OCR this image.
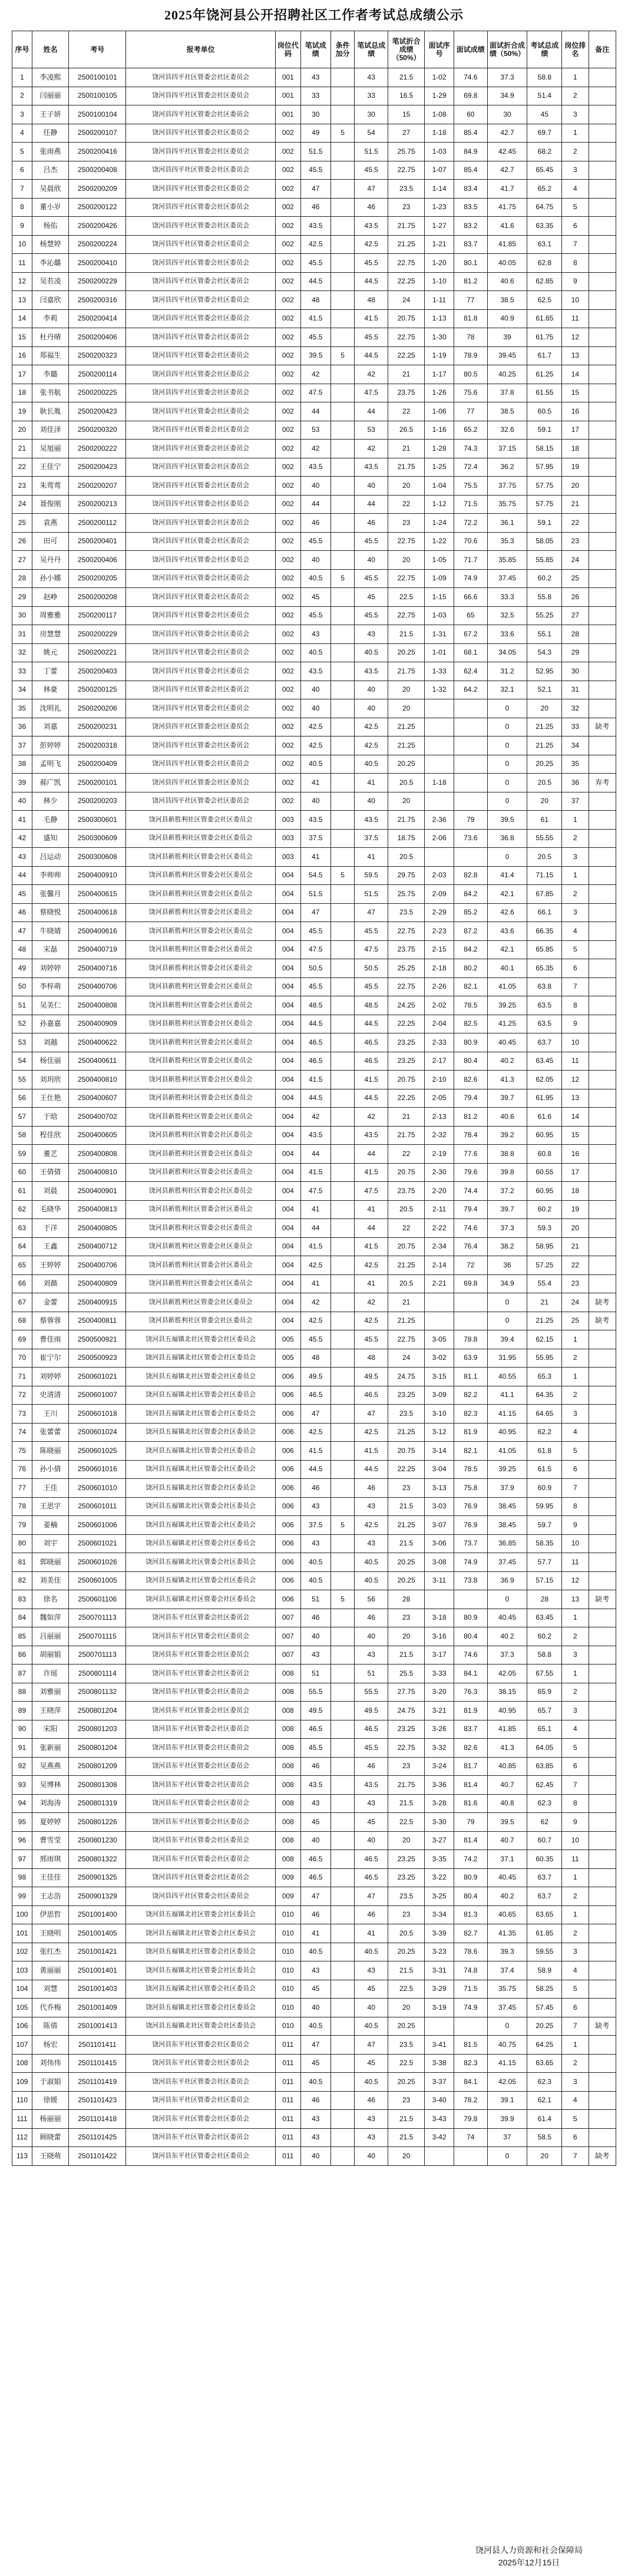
2025年饶河县公开招聘社区工作者考试总成绩公示
序号	姓名	考号	报考单位	岗位代码	笔试成绩	条件加分	笔试总成绩	笔试折合成绩（50%）	面试序号	面试成绩	面试折合成绩（50%）	考试总成绩	岗位排名	备注
1	李凌熙	2500100101	饶河县四平社区管委会社区委员会	001	43		43	21.5	1-02	74.6	37.3	58.8	1	
2	闫丽丽	2500100105	饶河县四平社区管委会社区委员会	001	33		33	16.5	1-29	69.8	34.9	51.4	2	
3	王子妍	2500100104	饶河县四平社区管委会社区委员会	001	30		30	15	1-08	60	30	45	3	
4	任静	2500200107	饶河县四平社区管委会社区委员会	002	49	5	54	27	1-18	85.4	42.7	69.7	1	
5	张雨燕	2500200416	饶河县四平社区管委会社区委员会	002	51.5		51.5	25.75	1-03	84.9	42.45	68.2	2	
6	吕杰	2500200408	饶河县四平社区管委会社区委员会	002	45.5		45.5	22.75	1-07	85.4	42.7	65.45	3	
7	吴晨欣	2500200209	饶河县四平社区管委会社区委员会	002	47		47	23.5	1-14	83.4	41.7	65.2	4	
8	董小岁	2500200122	饶河县四平社区管委会社区委员会	002	46		46	23	1-23	83.5	41.75	64.75	5	
9	杨佑	2500200426	饶河县四平社区管委会社区委员会	002	43.5		43.5	21.75	1-27	83.2	41.6	63.35	6	
10	杨慧婷	2500200224	饶河县四平社区管委会社区委员会	002	42.5		42.5	21.25	1-21	83.7	41.85	63.1	7	
11	李沁璐	2500200410	饶河县四平社区管委会社区委员会	002	45.5		45.5	22.75	1-20	80.1	40.05	62.8	8	
12	吴若凌	2500200229	饶河县四平社区管委会社区委员会	002	44.5		44.5	22.25	1-10	81.2	40.6	62.85	9	
13	闫嘉欣	2500200316	饶河县四平社区管委会社区委员会	002	48		48	24	1-11	77	38.5	62.5	10	
14	李莉	2500200414	饶河县四平社区管委会社区委员会	002	41.5		41.5	20.75	1-13	81.8	40.9	61.65	11	
15	杜丹晴	2500200406	饶河县四平社区管委会社区委员会	002	45.5		45.5	22.75	1-30	78	39	61.75	12	
16	郑福生	2500200323	饶河县四平社区管委会社区委员会	002	39.5	5	44.5	22.25	1-19	78.9	39.45	61.7	13	
17	李璐	2500200114	饶河县四平社区管委会社区委员会	002	42		42	21	1-17	80.5	40.25	61.25	14	
18	张书航	2500200225	饶河县四平社区管委会社区委员会	002	47.5		47.5	23.75	1-26	75.6	37.8	61.55	15	
19	耿长胤	2500200423	饶河县四平社区管委会社区委员会	002	44		44	22	1-06	77	38.5	60.5	16	
20	刘佳泽	2500200320	饶河县四平社区管委会社区委员会	002	53		53	26.5	1-16	65.2	32.6	59.1	17	
21	吴旭丽	2500200222	饶河县四平社区管委会社区委员会	002	42		42	21	1-28	74.3	37.15	58.15	18	
22	王佳宁	2500200423	饶河县四平社区管委会社区委员会	002	43.5		43.5	21.75	1-25	72.4	36.2	57.95	19	
23	朱莺莺	2500200207	饶河县四平社区管委会社区委员会	002	40		40	20	1-04	75.5	37.75	57.75	20	
24	聂俊刚	2500200213	饶河县四平社区管委会社区委员会	002	44		44	22	1-12	71.5	35.75	57.75	21	
25	袁燕	2500200112	饶河县四平社区管委会社区委员会	002	46		46	23	1-24	72.2	36.1	59.1	22	
26	田可	2500200401	饶河县四平社区管委会社区委员会	002	45.5		45.5	22.75	1-22	70.6	35.3	58.05	23	
27	吴丹丹	2500200406	饶河县四平社区管委会社区委员会	002	40		40	20	1-05	71.7	35.85	55.85	24	
28	孙小娜	2500200205	饶河县四平社区管委会社区委员会	002	40.5	5	45.5	22.75	1-09	74.9	37.45	60.2	25	
29	赵峥	2500200208	饶河县四平社区管委会社区委员会	002	45		45	22.5	1-15	66.6	33.3	55.8	26	
30	周雅雅	2500200117	饶河县四平社区管委会社区委员会	002	45.5		45.5	22.75	1-03	65	32.5	55.25	27	
31	房慧慧	2500200229	饶河县四平社区管委会社区委员会	002	43		43	21.5	1-31	67.2	33.6	55.1	28	
32	姚元	2500200221	饶河县四平社区管委会社区委员会	002	40.5		40.5	20.25	1-01	68.1	34.05	54.3	29	
33	丁蕾	2500200403	饶河县四平社区管委会社区委员会	002	43.5		43.5	21.75	1-33	62.4	31.2	52.95	30	
34	林豪	2500200125	饶河县四平社区管委会社区委员会	002	40		40	20	1-32	64.2	32.1	52.1	31	
35	沈明礼	2500200206	饶河县四平社区管委会社区委员会	002	40		40	20			0	20	32	
36	刘嘉	2500200231	饶河县四平社区管委会社区委员会	002	42.5		42.5	21.25			0	21.25	33	缺考
37	彭婷婷	2500200318	饶河县四平社区管委会社区委员会	002	42.5		42.5	21.25			0	21.25	34	
38	孟明飞	2500200409	饶河县四平社区管委会社区委员会	002	40.5		40.5	20.25			0	20.25	35	
39	郝广凯	2500200101	饶河县四平社区管委会社区委员会	002	41		41	20.5	1-18		0	20.5	36	弃考
40	林少	2500200203	饶河县四平社区管委会社区委员会	002	40		40	20			0	20	37	
41	毛静	2500300601	饶河县新胜利社区管委会社区委员会	003	43.5		43.5	21.75	2-36	79	39.5	61	1	
42	盛知	2500300609	饶河县新胜利社区管委会社区委员会	003	37.5		37.5	18.75	2-06	73.6	36.8	55.55	2	
43	吕运动	2500300608	饶河县新胜利社区管委会社区委员会	003	41		41	20.5			0	20.5	3	
44	李帅帅	2500400910	饶河县新胜利社区管委会社区委员会	004	54.5	5	59.5	29.75	2-03	82.8	41.4	71.15	1	
45	张馨月	2500400615	饶河县新胜利社区管委会社区委员会	004	51.5		51.5	25.75	2-09	84.2	42.1	67.85	2	
46	蔡晓悦	2500400618	饶河县新胜利社区管委会社区委员会	004	47		47	23.5	2-29	85.2	42.6	66.1	3	
47	牛晓婧	2500400616	饶河县新胜利社区管委会社区委员会	004	45.5		45.5	22.75	2-23	87.2	43.6	66.35	4	
48	宋磊	2500400719	饶河县新胜利社区管委会社区委员会	004	47.5		47.5	23.75	2-15	84.2	42.1	65.85	5	
49	刘婷婷	2500400716	饶河县新胜利社区管委会社区委员会	004	50.5		50.5	25.25	2-18	80.2	40.1	65.35	6	
50	李梓萌	2500400706	饶河县新胜利社区管委会社区委员会	004	45.5		45.5	22.75	2-26	82.1	41.05	63.8	7	
51	吴美仁	2500400808	饶河县新胜利社区管委会社区委员会	004	48.5		48.5	24.25	2-02	78.5	39.25	63.5	8	
52	孙嘉嘉	2500400909	饶河县新胜利社区管委会社区委员会	004	44.5		44.5	22.25	2-04	82.5	41.25	63.5	9	
53	刘越	2500400622	饶河县新胜利社区管委会社区委员会	004	46.5		46.5	23.25	2-33	80.9	40.45	63.7	10	
54	杨佳丽	2500400611	饶河县新胜利社区管委会社区委员会	004	46.5		46.5	23.25	2-17	80.4	40.2	63.45	11	
55	刘玥欣	2500400810	饶河县新胜利社区管委会社区委员会	004	41.5		41.5	20.75	2-10	82.6	41.3	62.05	12	
56	王仕艳	2500400607	饶河县新胜利社区管委会社区委员会	004	44.5		44.5	22.25	2-05	79.4	39.7	61.95	13	
57	于晗	2500400702	饶河县新胜利社区管委会社区委员会	004	42		42	21	2-13	81.2	40.6	61.6	14	
58	程佳欣	2500400605	饶河县新胜利社区管委会社区委员会	004	43.5		43.5	21.75	2-32	78.4	39.2	60.95	15	
59	董艺	2500400808	饶河县新胜利社区管委会社区委员会	004	44		44	22	2-19	77.6	38.8	60.8	16	
60	王倩倩	2500400810	饶河县新胜利社区管委会社区委员会	004	41.5		41.5	20.75	2-30	79.6	39.8	60.55	17	
61	刘晨	2500400901	饶河县新胜利社区管委会社区委员会	004	47.5		47.5	23.75	2-20	74.4	37.2	60.95	18	
62	毛晓华	2500400813	饶河县新胜利社区管委会社区委员会	004	41		41	20.5	2-11	79.4	39.7	60.2	19	
63	于洋	2500400805	饶河县新胜利社区管委会社区委员会	004	44		44	22	2-22	74.6	37.3	59.3	20	
64	王鑫	2500400712	饶河县新胜利社区管委会社区委员会	004	41.5		41.5	20.75	2-34	76.4	38.2	58.95	21	
65	王婷婷	2500400706	饶河县新胜利社区管委会社区委员会	004	42.5		42.5	21.25	2-14	72	36	57.25	22	
66	刘薇	2500400809	饶河县新胜利社区管委会社区委员会	004	41		41	20.5	2-21	69.8	34.9	55.4	23	
67	金蕾	2500400915	饶河县新胜利社区管委会社区委员会	004	42		42	21			0	21	24	缺考
68	蔡蓉蓉	2500400811	饶河县新胜利社区管委会社区委员会	004	42.5		42.5	21.25			0	21.25	25	缺考
69	曹佳雨	2500500921	饶河县五福镇北社区管委会社区委员会	005	45.5		45.5	22.75	3-05	78.8	39.4	62.15	1	
70	崔宁尔	2500500923	饶河县五福镇北社区管委会社区委员会	005	48		48	24	3-02	63.9	31.95	55.95	2	
71	刘婷婷	2500601021	饶河县五福镇北社区管委会社区委员会	006	49.5		49.5	24.75	3-15	81.1	40.55	65.3	1	
72	史清清	2500601007	饶河县五福镇北社区管委会社区委员会	006	46.5		46.5	23.25	3-09	82.2	41.1	64.35	2	
73	王川	2500601018	饶河县五福镇北社区管委会社区委员会	006	47		47	23.5	3-10	82.3	41.15	64.65	3	
74	张蕾蕾	2500601024	饶河县五福镇北社区管委会社区委员会	006	42.5		42.5	21.25	3-12	81.9	40.95	62.2	4	
75	陈晓丽	2500601025	饶河县五福镇北社区管委会社区委员会	006	41.5		41.5	20.75	3-14	82.1	41.05	61.8	5	
76	孙小倩	2500601016	饶河县五福镇北社区管委会社区委员会	006	44.5		44.5	22.25	3-04	78.5	39.25	61.5	6	
77	王佳	2500601010	饶河县五福镇北社区管委会社区委员会	006	46		46	23	3-13	75.8	37.9	60.9	7	
78	王思宇	2500601011	饶河县五福镇北社区管委会社区委员会	006	43		43	21.5	3-03	76.9	38.45	59.95	8	
79	姜楠	2500601006	饶河县五福镇北社区管委会社区委员会	006	37.5	5	42.5	21.25	3-07	76.9	38.45	59.7	9	
80	刘宇	2500601021	饶河县五福镇北社区管委会社区委员会	006	43		43	21.5	3-06	73.7	36.85	58.35	10	
81	郭晓丽	2500601026	饶河县五福镇北社区管委会社区委员会	006	40.5		40.5	20.25	3-08	74.9	37.45	57.7	11	
82	刘美佳	2500601005	饶河县五福镇北社区管委会社区委员会	006	40.5		40.5	20.25	3-11	73.8	36.9	57.15	12	
83	徐名	2500601106	饶河县五福镇北社区管委会社区委员会	006	51	5	56	28			0	28	13	缺考
84	魏如萍	2500701113	饶河县东平社区管委会社区委员会	007	46		46	23	3-18	80.9	40.45	63.45	1	
85	吕丽丽	2500701115	饶河县东平社区管委会社区委员会	007	40		40	20	3-16	80.4	40.2	60.2	2	
86	胡丽娟	2500701113	饶河县东平社区管委会社区委员会	007	43		43	21.5	3-17	74.6	37.3	58.8	3	
87	许瑶	2500801114	饶河县东平社区管委会社区委员会	008	51		51	25.5	3-33	84.1	42.05	67.55	1	
88	刘雅丽	2500801132	饶河县东平社区管委会社区委员会	008	55.5		55.5	27.75	3-20	76.3	38.15	65.9	2	
89	王晓萍	2500801204	饶河县东平社区管委会社区委员会	008	49.5		49.5	24.75	3-21	81.9	40.95	65.7	3	
90	宋阳	2500801203	饶河县东平社区管委会社区委员会	008	46.5		46.5	23.25	3-26	83.7	41.85	65.1	4	
91	张新丽	2500801204	饶河县东平社区管委会社区委员会	008	45.5		45.5	22.75	3-32	82.6	41.3	64.05	5	
92	吴燕燕	2500801209	饶河县东平社区管委会社区委员会	008	46		46	23	3-24	81.7	40.85	63.85	6	
93	吴博林	2500801308	饶河县东平社区管委会社区委员会	008	43.5		43.5	21.75	3-36	81.4	40.7	62.45	7	
94	刘海涛	2500801319	饶河县东平社区管委会社区委员会	008	43		43	21.5	3-28	81.6	40.8	62.3	8	
95	夏婷婷	2500801226	饶河县东平社区管委会社区委员会	008	45		45	22.5	3-30	79	39.5	62	9	
96	曹雪莹	2500801230	饶河县东平社区管委会社区委员会	008	40		40	20	3-27	81.4	40.7	60.7	10	
97	邢雨琪	2500801322	饶河县东平社区管委会社区委员会	008	46.5		46.5	23.25	3-35	74.2	37.1	60.35	11	
98	王佳佳	2500901325	饶河县四平社区管委会社区委员会	009	46.5		46.5	23.25	3-22	80.9	40.45	63.7	1	
99	王志浩	2500901329	饶河县四平社区管委会社区委员会	009	47		47	23.5	3-25	80.4	40.2	63.7	2	
100	伊思哲	2501001400	饶河县五福镇北社区管委会社区委员会	010	46		46	23	3-34	81.3	40.65	63.65	1	
101	王晓明	2501001405	饶河县五福镇北社区管委会社区委员会	010	41		41	20.5	3-39	82.7	41.35	61.85	2	
102	张红杰	2501001421	饶河县五福镇北社区管委会社区委员会	010	40.5		40.5	20.25	3-23	78.6	39.3	59.55	3	
103	黄丽丽	2501001401	饶河县五福镇北社区管委会社区委员会	010	43		43	21.5	3-31	74.8	37.4	58.9	4	
104	刘慧	2501001403	饶河县五福镇北社区管委会社区委员会	010	45		45	22.5	3-29	71.5	35.75	58.25	5	
105	代乔梅	2501001409	饶河县五福镇北社区管委会社区委员会	010	40		40	20	3-19	74.9	37.45	57.45	6	
106	陈倩	2501001413	饶河县五福镇北社区管委会社区委员会	010	40.5		40.5	20.25			0	20.25	7	缺考
107	杨宏	2501101411	饶河县东平社区管委会社区委员会	011	47		47	23.5	3-41	81.5	40.75	64.25	1	
108	刘伟伟	2501101415	饶河县东平社区管委会社区委员会	011	45		45	22.5	3-38	82.3	41.15	63.65	2	
109	于淑娟	2501101419	饶河县东平社区管委会社区委员会	011	40.5		40.5	20.25	3-37	84.1	42.05	62.3	3	
110	徐媛	2501101423	饶河县东平社区管委会社区委员会	011	46		46	23	3-40	78.2	39.1	62.1	4	
111	杨丽丽	2501101418	饶河县东平社区管委会社区委员会	011	43		43	21.5	3-43	79.8	39.9	61.4	5	
112	顾晓蕾	2501101425	饶河县东平社区管委会社区委员会	011	43		43	21.5	3-42	74	37	58.5	6	
113	王晓萌	2501101422	饶河县东平社区管委会社区委员会	011	40		40	20			0	20	7	缺考
饶河县人力资源和社会保障局
2025年12月15日
